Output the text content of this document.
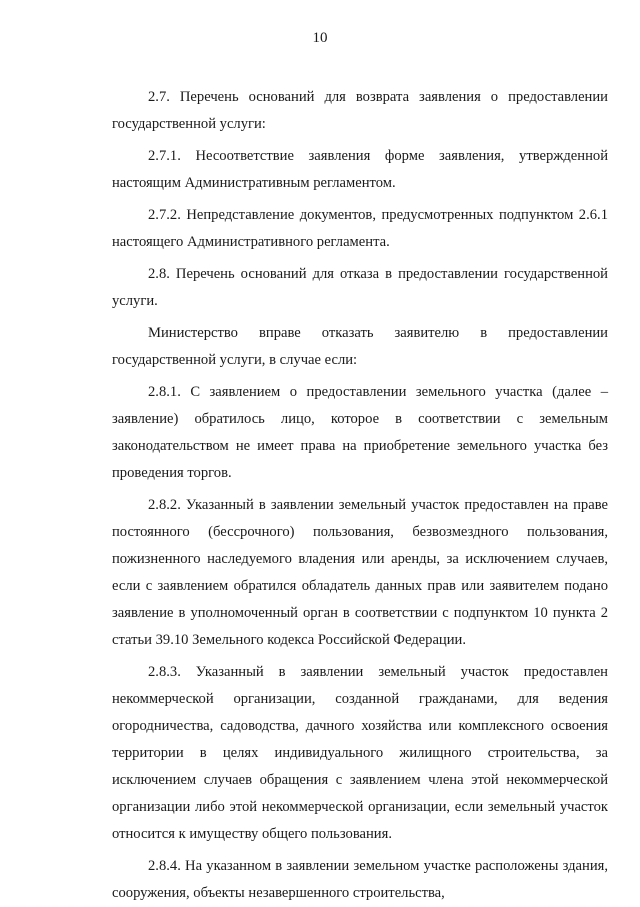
10

2.7. Перечень оснований для возврата заявления о предоставлении государственной услуги:

2.7.1. Несоответствие заявления форме заявления, утвержденной настоящим Административным регламентом.

2.7.2. Непредставление документов, предусмотренных подпунктом 2.6.1 настоящего Административного регламента.

2.8. Перечень оснований для отказа в предоставлении государственной услуги.

Министерство вправе отказать заявителю в предоставлении государственной услуги, в случае если:

2.8.1. С заявлением о предоставлении земельного участка (далее – заявление) обратилось лицо, которое в соответствии с земельным законодательством не имеет права на приобретение земельного участка без проведения торгов.

2.8.2. Указанный в заявлении земельный участок предоставлен на праве постоянного (бессрочного) пользования, безвозмездного пользования, пожизненного наследуемого владения или аренды, за исключением случаев, если с заявлением обратился обладатель данных прав или заявителем подано заявление в уполномоченный орган в соответствии с подпунктом 10 пункта 2 статьи 39.10 Земельного кодекса Российской Федерации.

2.8.3. Указанный в заявлении земельный участок предоставлен некоммерческой организации, созданной гражданами, для ведения огородничества, садоводства, дачного хозяйства или комплексного освоения территории в целях индивидуального жилищного строительства, за исключением случаев обращения с заявлением члена этой некоммерческой организации либо этой некоммерческой организации, если земельный участок относится к имуществу общего пользования.

2.8.4. На указанном в заявлении земельном участке расположены здания, сооружения, объекты незавершенного строительства,
